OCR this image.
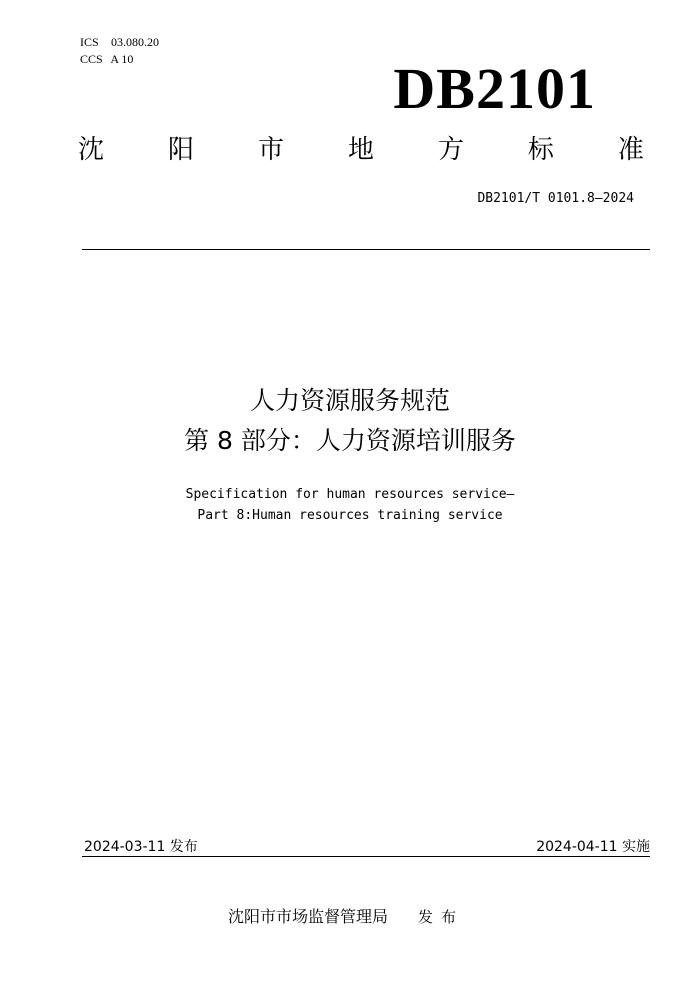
ICS 03.080.20
CCS A 10	DB2101
沈 阳 市 地 方 标 准
DB2101/T 0101.8—2024
人力资源服务规范
第 8 部分：人力资源培训服务
Specification for human resources service—
Part 8:Human resources training service
2024-03-11 发布	2024-04-11 实施
沈阳市市场监督管理局 发布
